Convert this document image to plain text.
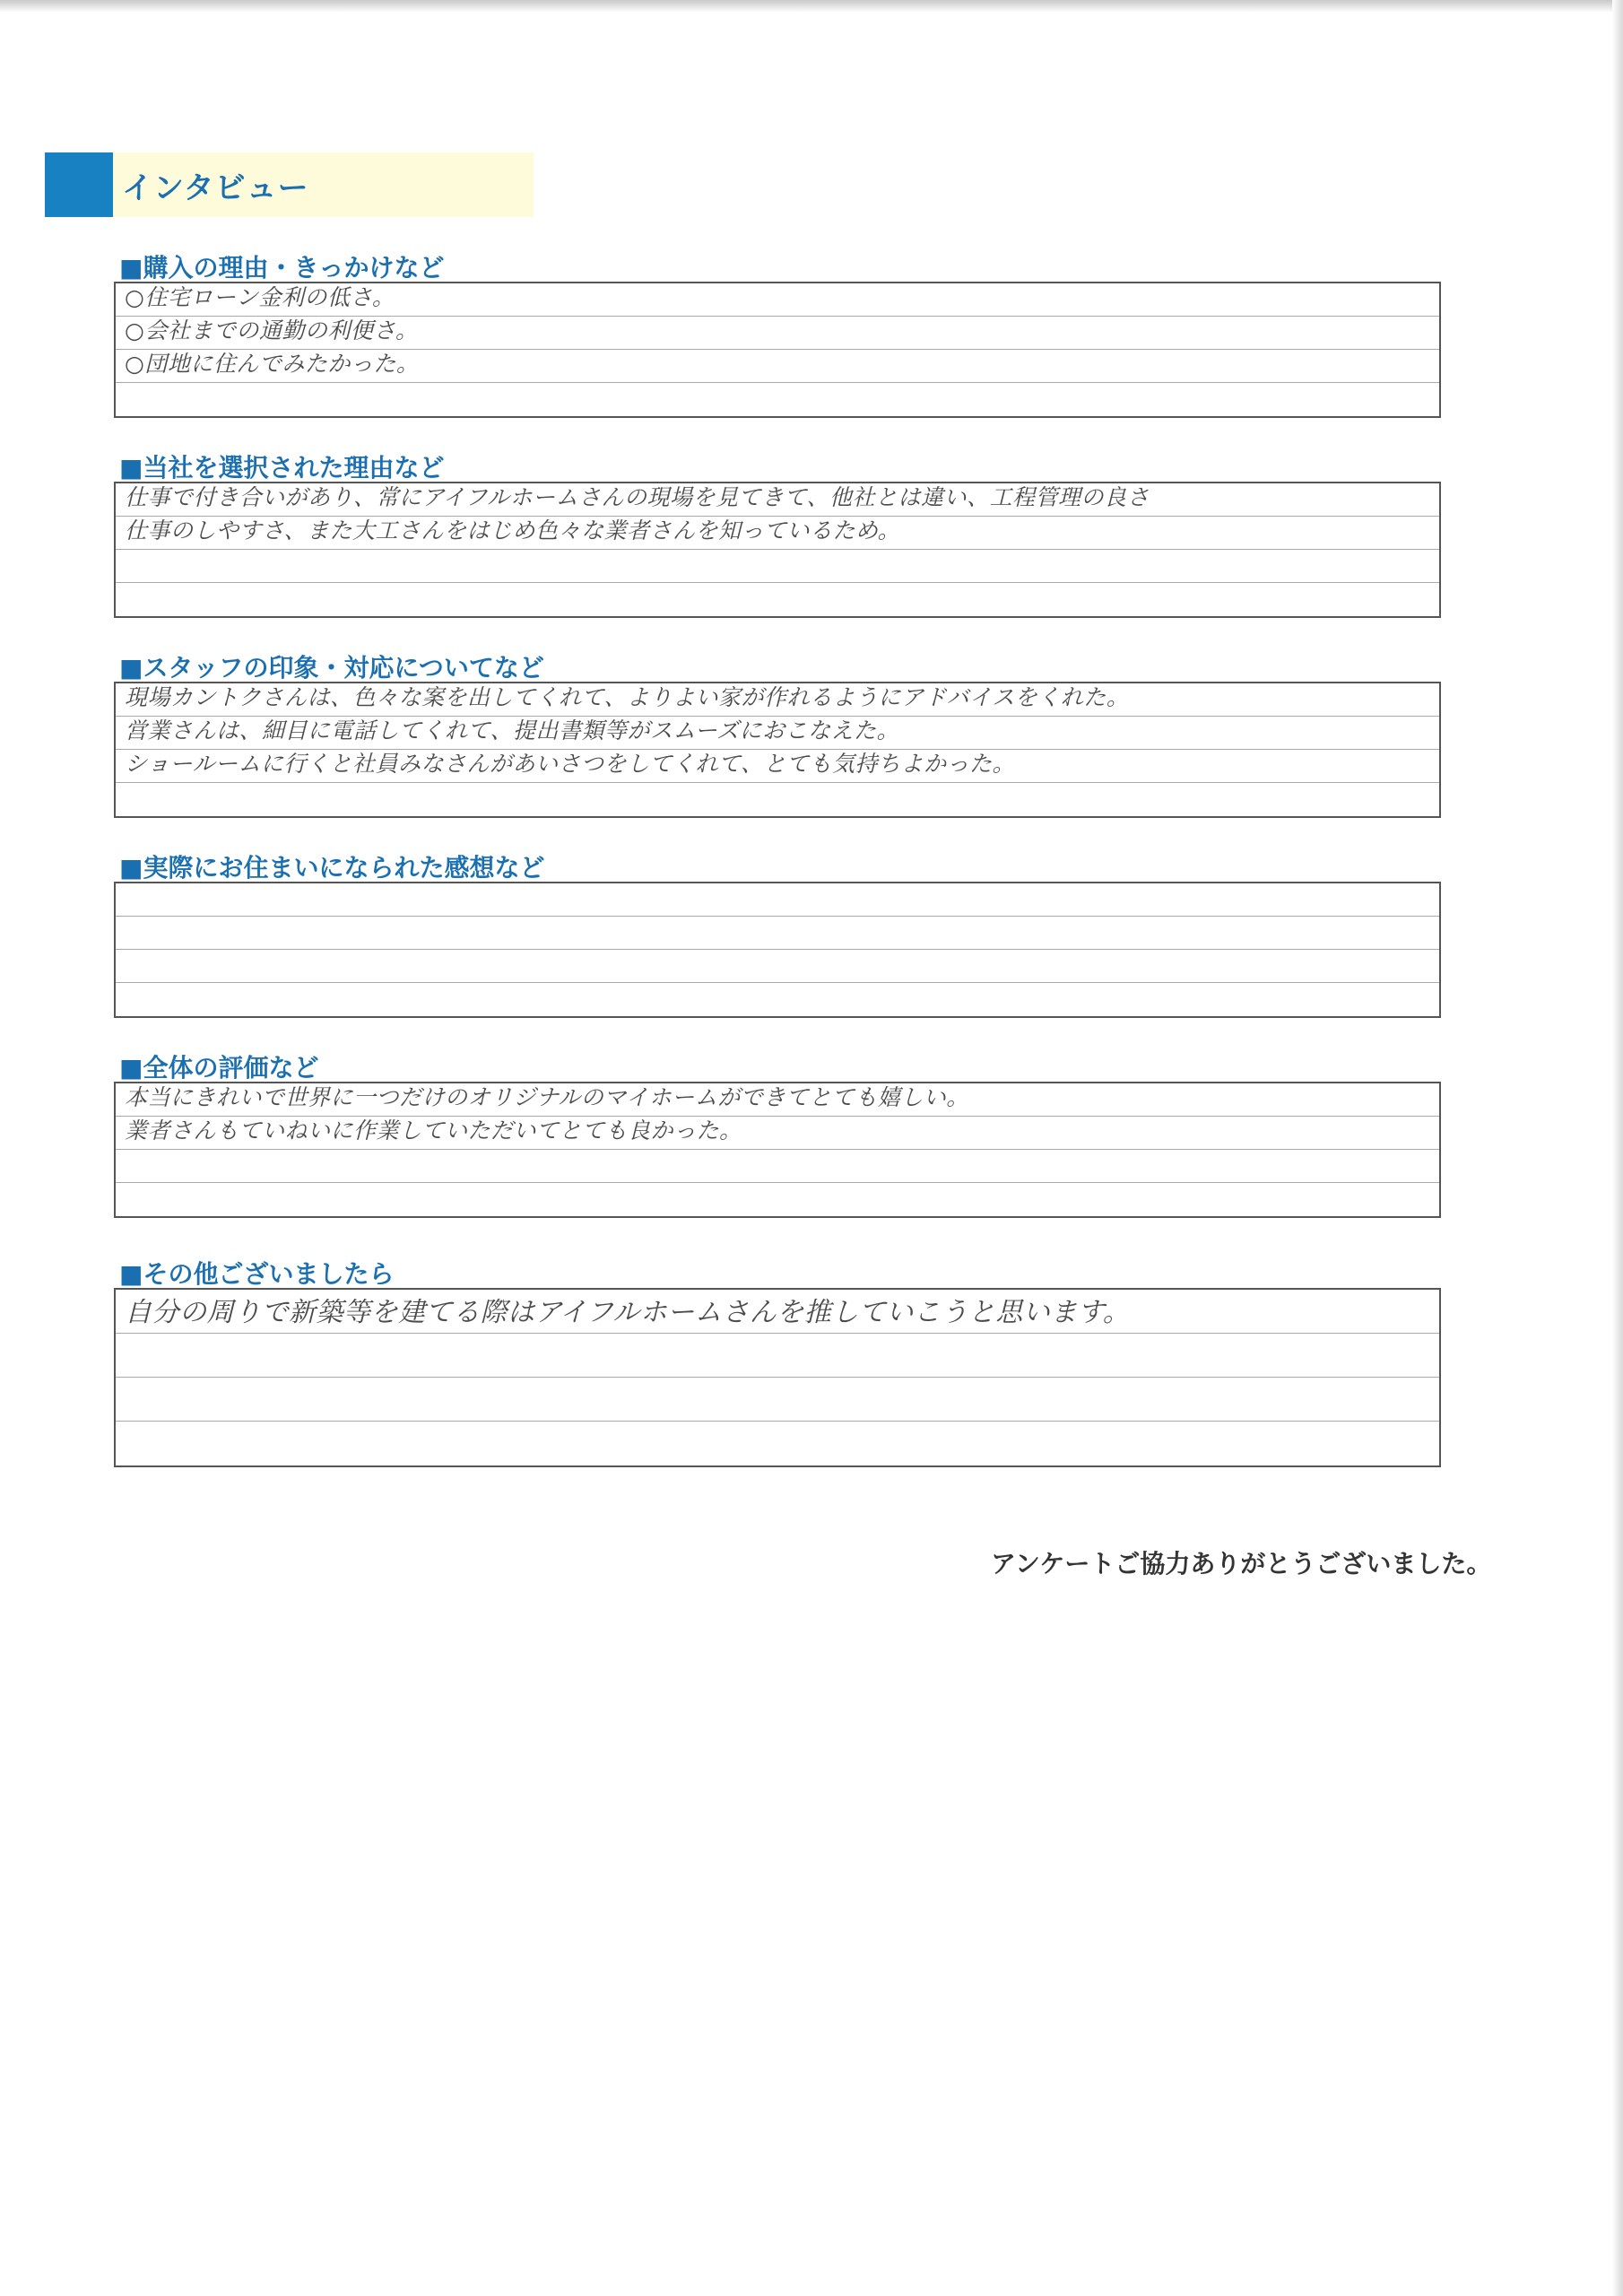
インタビュー
■購入の理由・きっかけなど
○住宅ローン金利の低さ。
○会社までの通勤の利便さ。
○団地に住んでみたかった。
■当社を選択された理由など
仕事で付き合いがあり、常にアイフルホームさんの現場を見てきて、他社とは違い、工程管理の良さ
仕事のしやすさ、また大工さんをはじめ色々な業者さんを知っているため。
■スタッフの印象・対応についてなど
現場カントクさんは、色々な案を出してくれて、よりよい家が作れるようにアドバイスをくれた。
営業さんは、細目に電話してくれて、提出書類等がスムーズにおこなえた。
ショールームに行くと社員みなさんがあいさつをしてくれて、とても気持ちよかった。
■実際にお住まいになられた感想など
■全体の評価など
本当にきれいで世界に一つだけのオリジナルのマイホームができてとても嬉しい。
業者さんもていねいに作業していただいてとても良かった。
■その他ございましたら
自分の周りで新築等を建てる際はアイフルホームさんを推していこうと思います。
アンケートご協力ありがとうございました。
